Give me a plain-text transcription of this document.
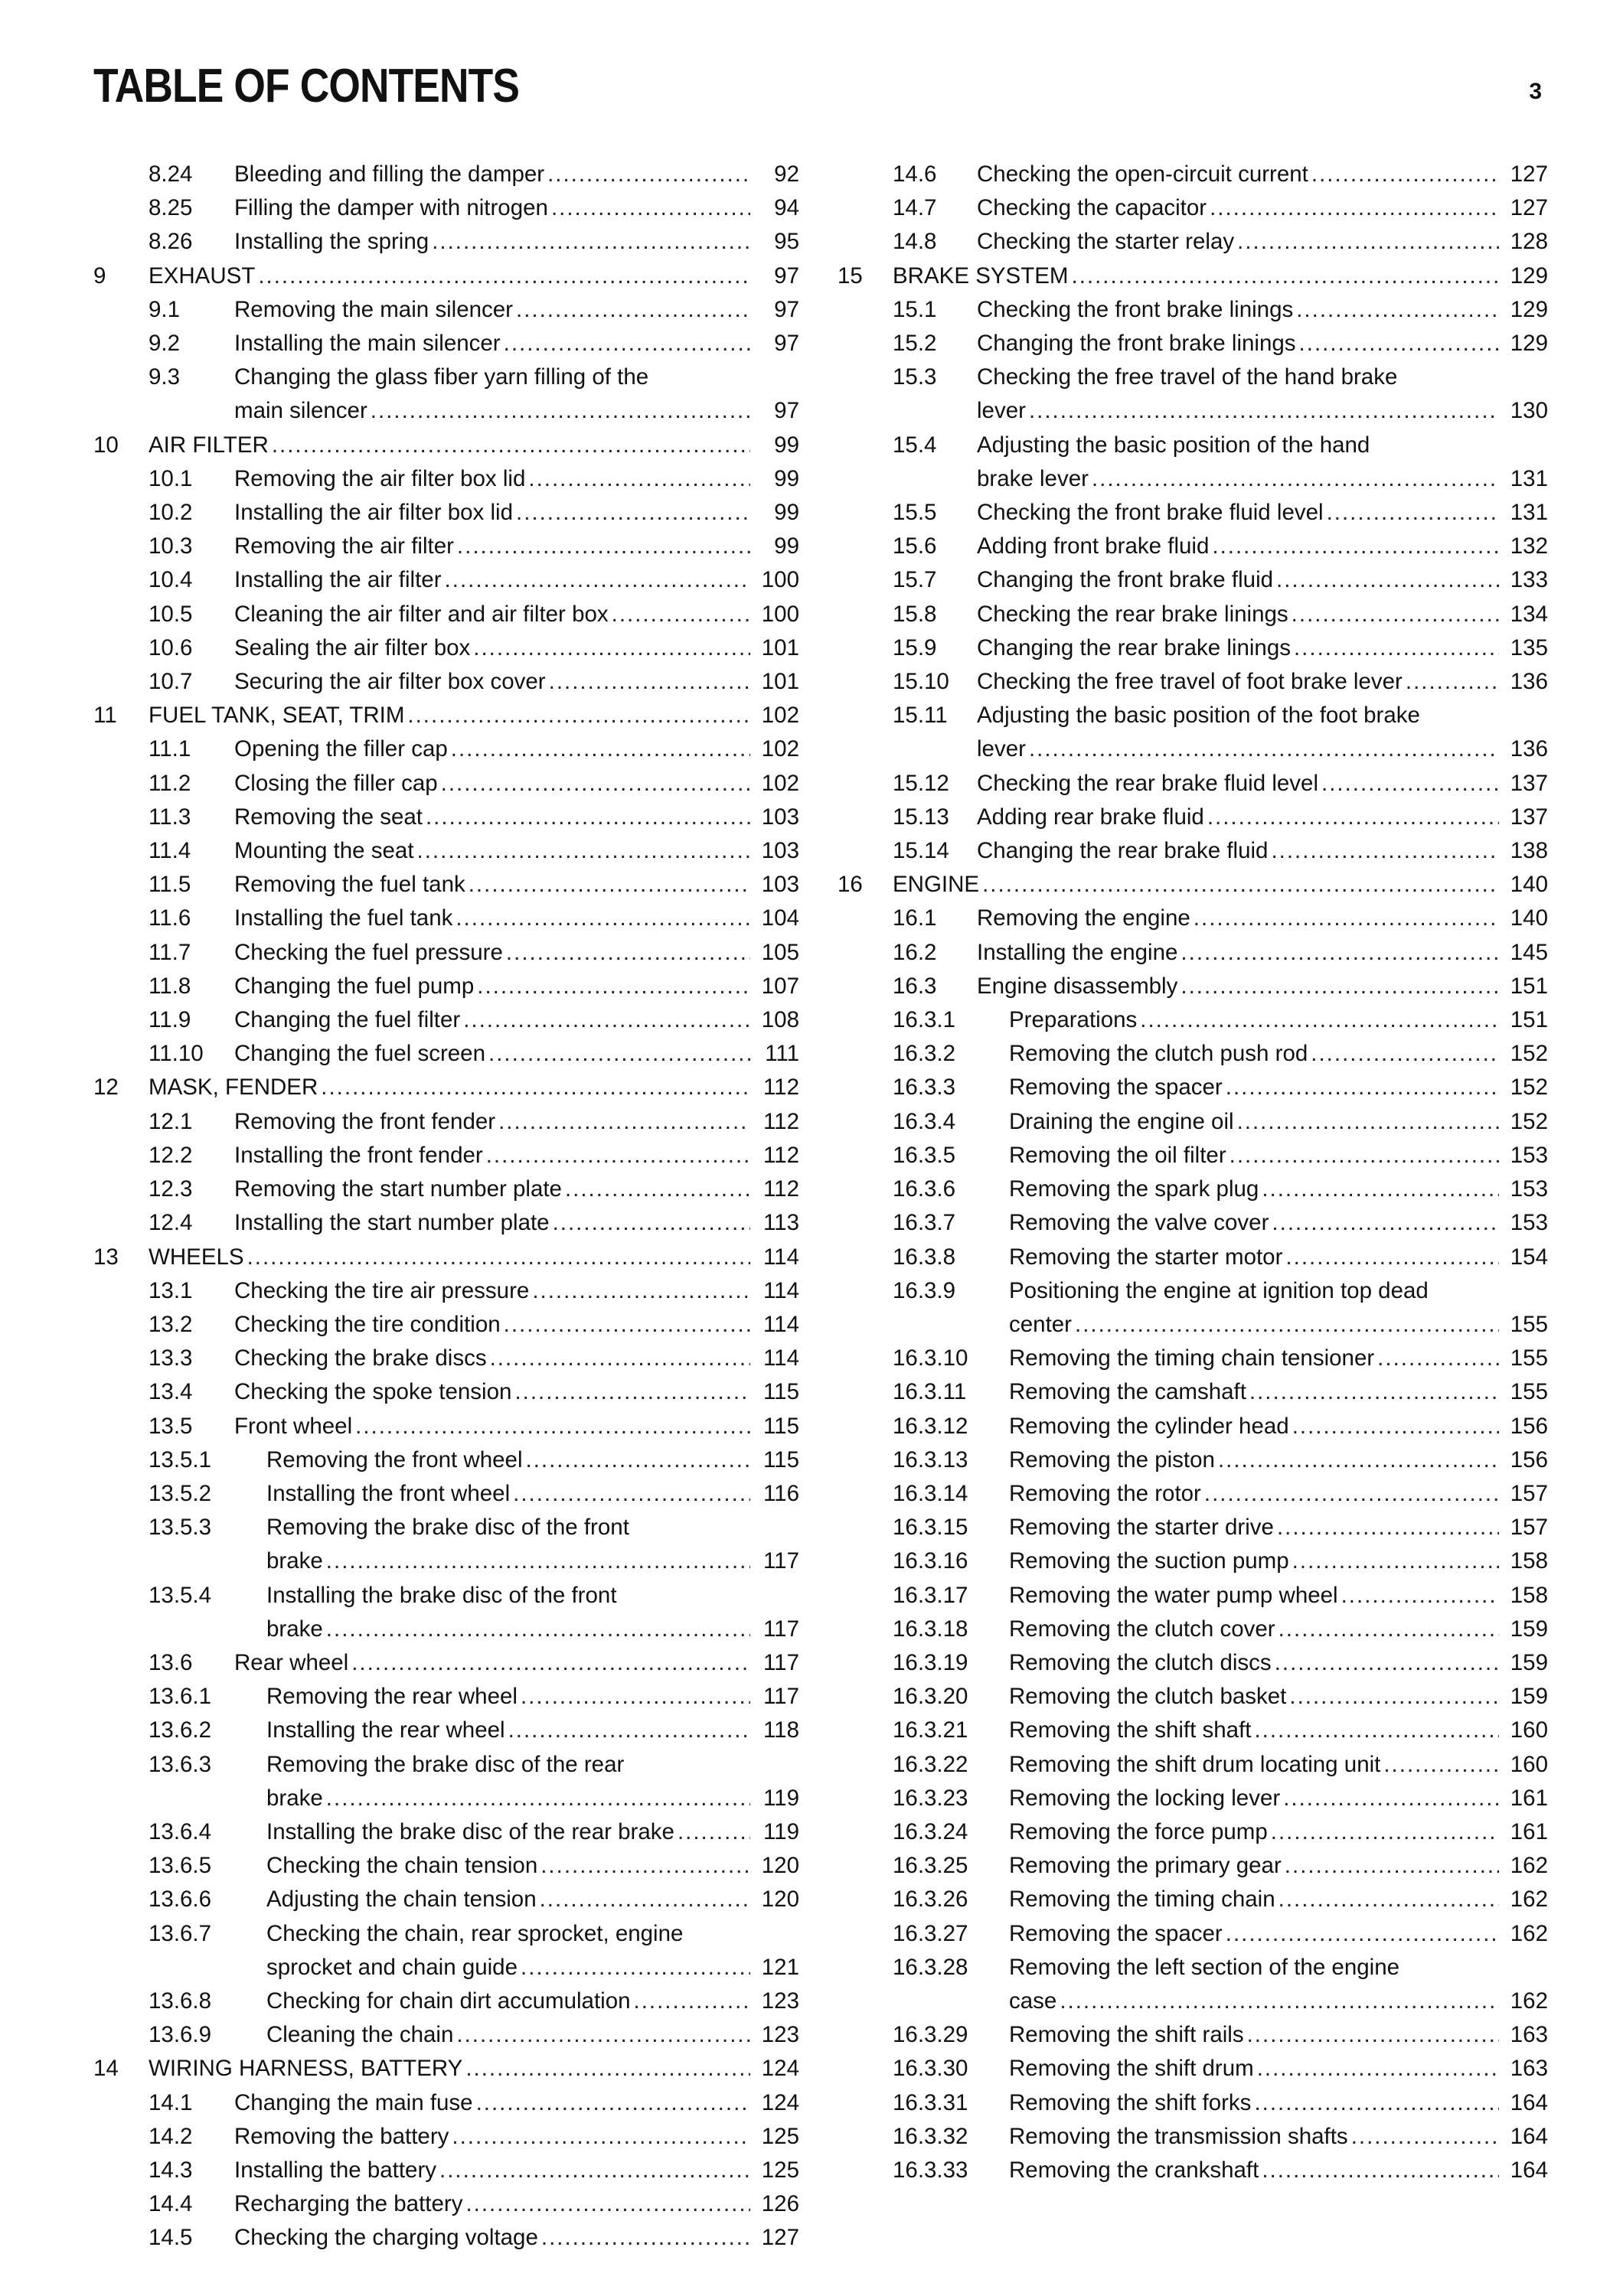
TABLE OF CONTENTS	3
8.24 Bleeding and filling the damper .....	92
8.25 Filling the damper with nitrogen .....	94
8.26 Installing the spring .....	95
9 EXHAUST .....	97
9.1 Removing the main silencer .....	97
9.2 Installing the main silencer .....	97
9.3 Changing the glass fiber yarn filling of the
main silencer .....	97
10 AIR FILTER .....	99
10.1 Removing the air filter box lid .....	99
10.2 Installing the air filter box lid .....	99
10.3 Removing the air filter .....	99
10.4 Installing the air filter .....	100
10.5 Cleaning the air filter and air filter box .....	100
10.6 Sealing the air filter box .....	101
10.7 Securing the air filter box cover .....	101
11 FUEL TANK, SEAT, TRIM .....	102
11.1 Opening the filler cap .....	102
11.2 Closing the filler cap .....	102
11.3 Removing the seat .....	103
11.4 Mounting the seat .....	103
11.5 Removing the fuel tank .....	103
11.6 Installing the fuel tank .....	104
11.7 Checking the fuel pressure .....	105
11.8 Changing the fuel pump .....	107
11.9 Changing the fuel filter .....	108
11.10 Changing the fuel screen .....	111
12 MASK, FENDER .....	112
12.1 Removing the front fender .....	112
12.2 Installing the front fender .....	112
12.3 Removing the start number plate .....	112
12.4 Installing the start number plate .....	113
13 WHEELS .....	114
13.1 Checking the tire air pressure .....	114
13.2 Checking the tire condition .....	114
13.3 Checking the brake discs .....	114
13.4 Checking the spoke tension .....	115
13.5 Front wheel .....	115
13.5.1 Removing the front wheel .....	115
13.5.2 Installing the front wheel .....	116
13.5.3 Removing the brake disc of the front
brake .....	117
13.5.4 Installing the brake disc of the front
brake .....	117
13.6 Rear wheel .....	117
13.6.1 Removing the rear wheel .....	117
13.6.2 Installing the rear wheel .....	118
13.6.3 Removing the brake disc of the rear
brake .....	119
13.6.4 Installing the brake disc of the rear brake .....	119
13.6.5 Checking the chain tension .....	120
13.6.6 Adjusting the chain tension .....	120
13.6.7 Checking the chain, rear sprocket, engine
sprocket and chain guide .....	121
13.6.8 Checking for chain dirt accumulation .....	123
13.6.9 Cleaning the chain .....	123
14 WIRING HARNESS, BATTERY .....	124
14.1 Changing the main fuse .....	124
14.2 Removing the battery .....	125
14.3 Installing the battery .....	125
14.4 Recharging the battery .....	126
14.5 Checking the charging voltage .....	127
14.6 Checking the open-circuit current .....	127
14.7 Checking the capacitor .....	127
14.8 Checking the starter relay .....	128
15 BRAKE SYSTEM .....	129
15.1 Checking the front brake linings .....	129
15.2 Changing the front brake linings .....	129
15.3 Checking the free travel of the hand brake
lever .....	130
15.4 Adjusting the basic position of the hand
brake lever .....	131
15.5 Checking the front brake fluid level .....	131
15.6 Adding front brake fluid .....	132
15.7 Changing the front brake fluid .....	133
15.8 Checking the rear brake linings .....	134
15.9 Changing the rear brake linings .....	135
15.10 Checking the free travel of foot brake lever .....	136
15.11 Adjusting the basic position of the foot brake
lever .....	136
15.12 Checking the rear brake fluid level .....	137
15.13 Adding rear brake fluid .....	137
15.14 Changing the rear brake fluid .....	138
16 ENGINE .....	140
16.1 Removing the engine .....	140
16.2 Installing the engine .....	145
16.3 Engine disassembly .....	151
16.3.1 Preparations .....	151
16.3.2 Removing the clutch push rod .....	152
16.3.3 Removing the spacer .....	152
16.3.4 Draining the engine oil .....	152
16.3.5 Removing the oil filter .....	153
16.3.6 Removing the spark plug .....	153
16.3.7 Removing the valve cover .....	153
16.3.8 Removing the starter motor .....	154
16.3.9 Positioning the engine at ignition top dead
center .....	155
16.3.10 Removing the timing chain tensioner .....	155
16.3.11 Removing the camshaft .....	155
16.3.12 Removing the cylinder head .....	156
16.3.13 Removing the piston .....	156
16.3.14 Removing the rotor .....	157
16.3.15 Removing the starter drive .....	157
16.3.16 Removing the suction pump .....	158
16.3.17 Removing the water pump wheel .....	158
16.3.18 Removing the clutch cover .....	159
16.3.19 Removing the clutch discs .....	159
16.3.20 Removing the clutch basket .....	159
16.3.21 Removing the shift shaft .....	160
16.3.22 Removing the shift drum locating unit .....	160
16.3.23 Removing the locking lever .....	161
16.3.24 Removing the force pump .....	161
16.3.25 Removing the primary gear .....	162
16.3.26 Removing the timing chain .....	162
16.3.27 Removing the spacer .....	162
16.3.28 Removing the left section of the engine
case .....	162
16.3.29 Removing the shift rails .....	163
16.3.30 Removing the shift drum .....	163
16.3.31 Removing the shift forks .....	164
16.3.32 Removing the transmission shafts .....	164
16.3.33 Removing the crankshaft .....	164
